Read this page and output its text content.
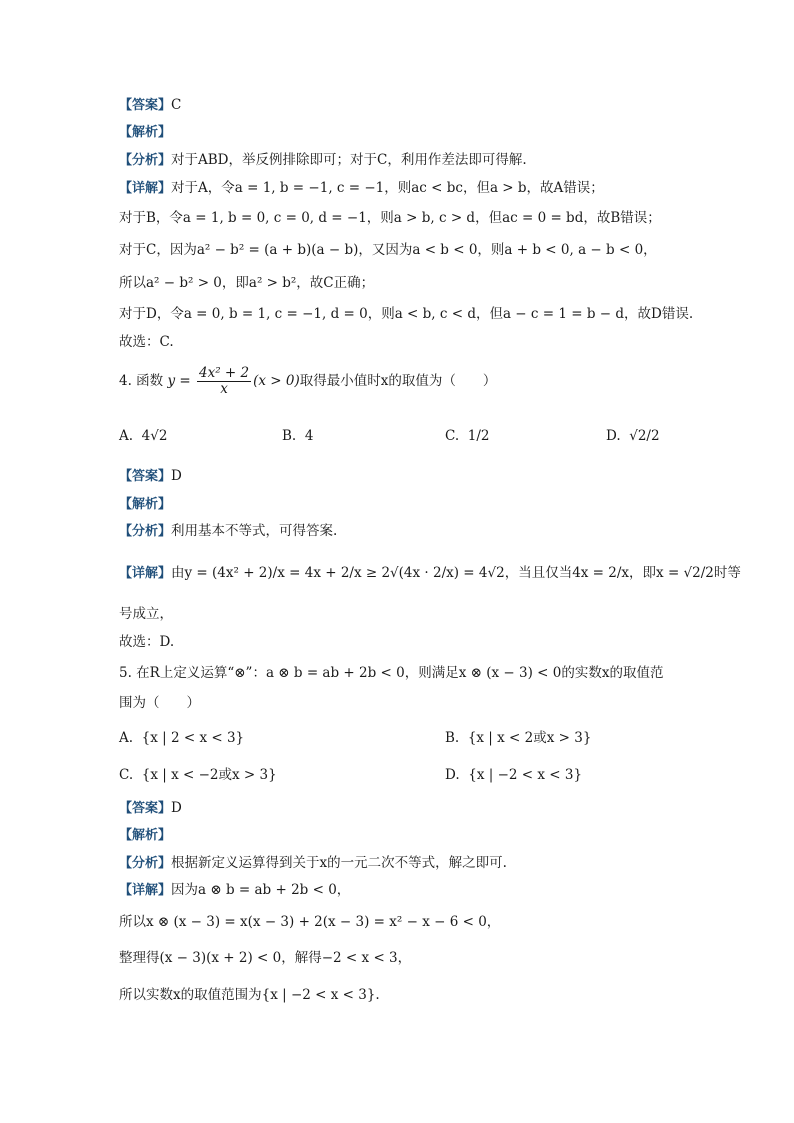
【答案】C
【解析】
【分析】对于ABD，举反例排除即可；对于C，利用作差法即可得解.
【详解】对于A，令a = 1, b = −1, c = −1，则ac < bc，但a > b，故A错误；
对于B，令a = 1, b = 0, c = 0, d = −1，则a > b, c > d，但ac = 0 = bd，故B错误；
对于C，因为a² − b² = (a + b)(a − b)，又因为a < b < 0，则a + b < 0, a − b < 0，
所以a² − b² > 0，即a² > b²，故C正确；
对于D，令a = 0, b = 1, c = −1, d = 0，则a < b, c < d，但a − c = 1 = b − d，故D错误.
故选：C.
4. 函数 $y = \frac{\text{4x² + 2}}{x} (x > 0)$取得最小值时x的取值为（　　）
A. 4√2	B. 4	C. 1/2	D. √2/2
【答案】D
【解析】
【分析】利用基本不等式，可得答案.
【详解】由y = (4x² + 2)/x = 4x + 2/x ≥ 2√(4x · 2/x) = 4√2，当且仅当4x = 2/x，即x = √2/2时等
号成立，
故选：D.
5. 在R上定义运算“⊗”：a ⊗ b = ab + 2b < 0，则满足x ⊗ (x − 3) < 0的实数x的取值范
围为（　　）
A. {x | 2 < x < 3}	B. {x | x < 2或x > 3}
C. {x | x < −2或x > 3}	D. {x | −2 < x < 3}
【答案】D
【解析】
【分析】根据新定义运算得到关于x的一元二次不等式，解之即可.
【详解】因为a ⊗ b = ab + 2b < 0，
所以x ⊗ (x − 3) = x(x − 3) + 2(x − 3) = x² − x − 6 < 0，
整理得(x − 3)(x + 2) < 0，解得−2 < x < 3，
所以实数x的取值范围为{x | −2 < x < 3}.
